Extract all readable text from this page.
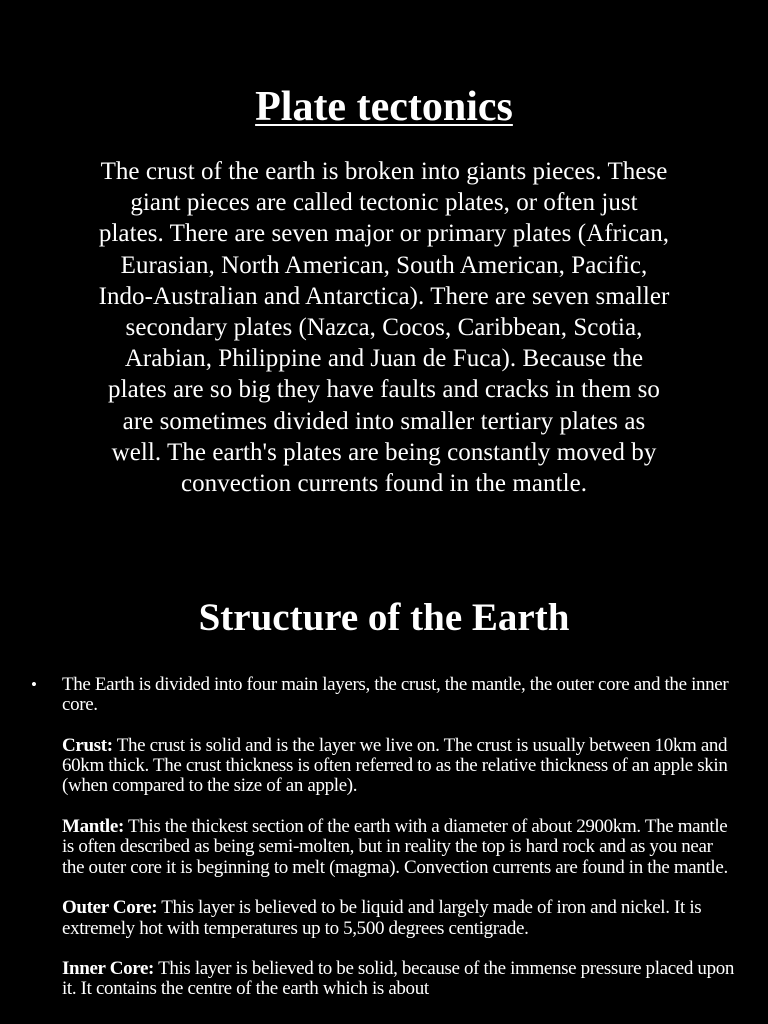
Plate tectonics
The crust of the earth is broken into giants pieces. These
giant pieces are called tectonic plates, or often just
plates. There are seven major or primary plates (African,
Eurasian, North American, South American, Pacific,
Indo-Australian and Antarctica). There are seven smaller
secondary plates (Nazca, Cocos, Caribbean, Scotia,
Arabian, Philippine and Juan de Fuca). Because the
plates are so big they have faults and cracks in them so
are sometimes divided into smaller tertiary plates as
well. The earth's plates are being constantly moved by
convection currents found in the mantle.
Structure of the Earth
• The Earth is divided into four main layers, the crust, the mantle, the outer core and the inner core.

Crust: The crust is solid and is the layer we live on. The crust is usually between 10km and 60km thick. The crust thickness is often referred to as the relative thickness of an apple skin (when compared to the size of an apple).

Mantle: This the thickest section of the earth with a diameter of about 2900km. The mantle is often described as being semi-molten, but in reality the top is hard rock and as you near the outer core it is beginning to melt (magma). Convection currents are found in the mantle.

Outer Core: This layer is believed to be liquid and largely made of iron and nickel. It is extremely hot with temperatures up to 5,500 degrees centigrade.

Inner Core: This layer is believed to be solid, because of the immense pressure placed upon it. It contains the centre of the earth which is about
